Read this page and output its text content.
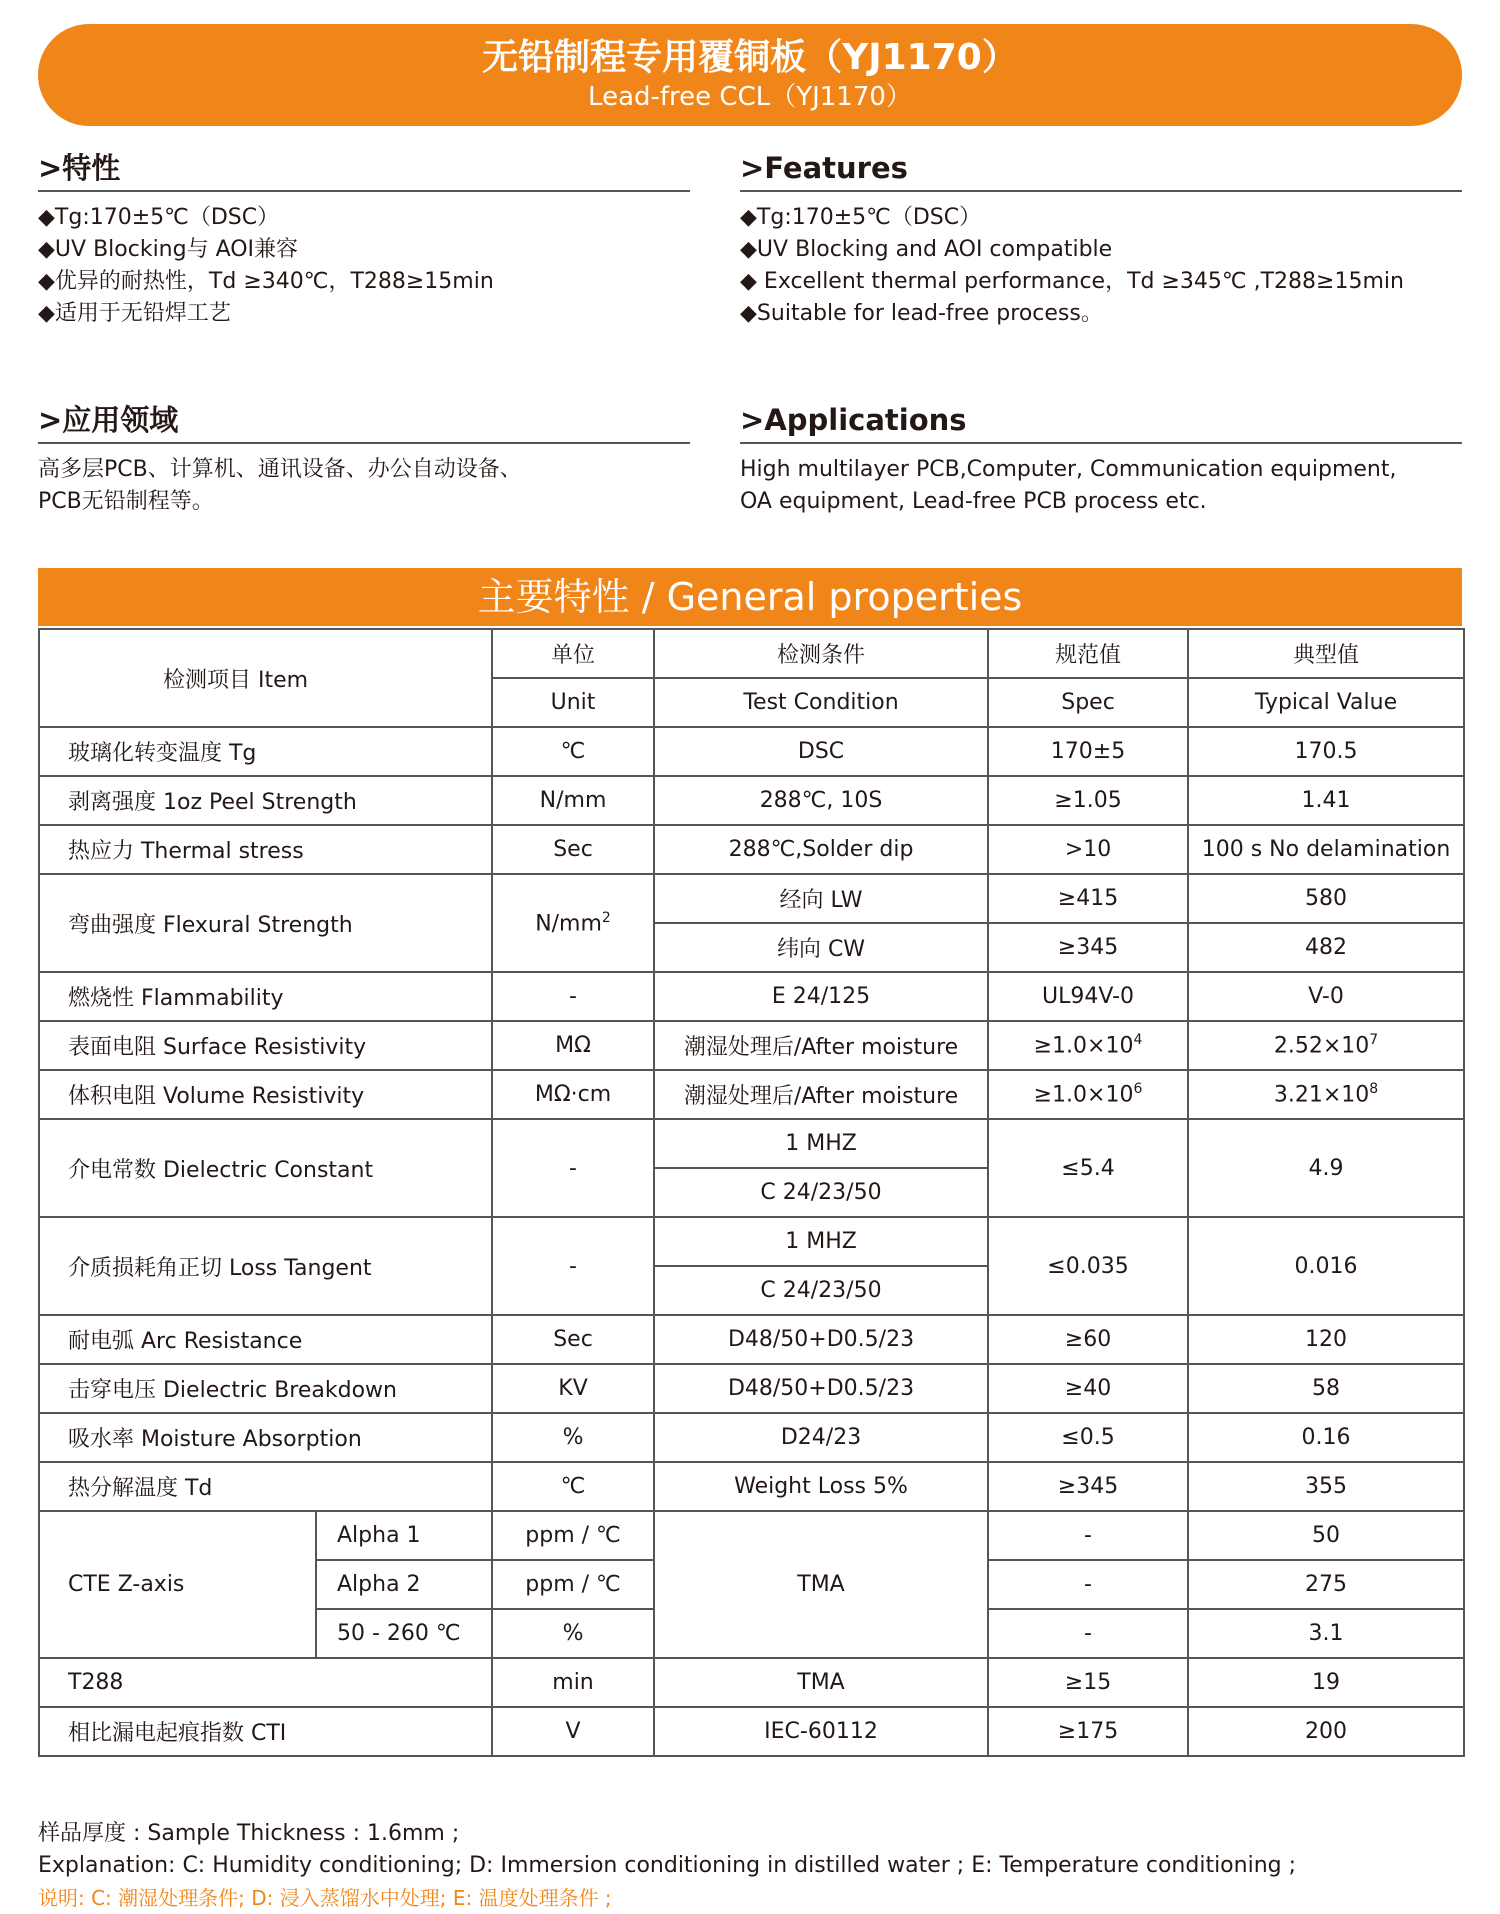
无铅制程专用覆铜板（YJ1170）
Lead-free CCL（YJ1170）
>特性
◆Tg:170±5℃（DSC）
◆UV Blocking与 AOI兼容
◆优异的耐热性，Td ≥340℃，T288≥15min
◆适用于无铅焊工艺
>Features
◆Tg:170±5℃（DSC）
◆UV Blocking and AOI compatible
◆ Excellent thermal performance，Td ≥345℃ ,T288≥15min
◆Suitable for lead-free process。
>应用领域
高多层PCB、计算机、通讯设备、办公自动设备、
PCB无铅制程等。
>Applications
High multilayer PCB,Computer, Communication equipment,
OA equipment, Lead-free PCB process etc.
主要特性 / General properties
检测项目 Item		单位	检测条件	规范值	典型值
		Unit	Test Condition	Spec	Typical Value
玻璃化转变温度 Tg		℃	DSC	170±5	170.5
剥离强度 1oz Peel Strength		N/mm	288℃, 10S	≥1.05	1.41
热应力 Thermal stress		Sec	288℃,Solder dip	>10	100 s No delamination
弯曲强度 Flexural Strength		$N/mm^2$	经向 LW	≥415	580
			纬向 CW	≥345	482
燃烧性 Flammability		-	E 24/125	UL94V-0	V-0
表面电阻 Surface Resistivity		MΩ	潮湿处理后/After moisture	$\ge 1.0\times 10^4$	$2.52\times 10^7$
体积电阻 Volume Resistivity		MΩ·cm	潮湿处理后/After moisture	$\ge 1.0\times 10^6$	$3.21\times 10^8$
介电常数 Dielectric Constant		-	1 MHZ	≤5.4	4.9
			C 24/23/50		
介质损耗角正切 Loss Tangent		-	1 MHZ	≤0.035	0.016
			C 24/23/50		
耐电弧 Arc Resistance		Sec	D48/50+D0.5/23	≥60	120
击穿电压 Dielectric Breakdown		KV	D48/50+D0.5/23	≥40	58
吸水率 Moisture Absorption		%	D24/23	≤0.5	0.16
热分解温度 Td		℃	Weight Loss 5%	≥345	355
CTE Z-axis	Alpha 1	ppm / ℃	TMA	-	50
	Alpha 2	ppm / ℃		-	275
	50 - 260 ℃	%		-	3.1
T288		min	TMA	≥15	19
相比漏电起痕指数 CTI		V	IEC-60112	≥175	200
样品厚度 : Sample Thickness : 1.6mm ;
Explanation: C: Humidity conditioning; D: Immersion conditioning in distilled water ; E: Temperature conditioning ;
说明: C: 潮湿处理条件; D: 浸入蒸馏水中处理; E: 温度处理条件 ;
